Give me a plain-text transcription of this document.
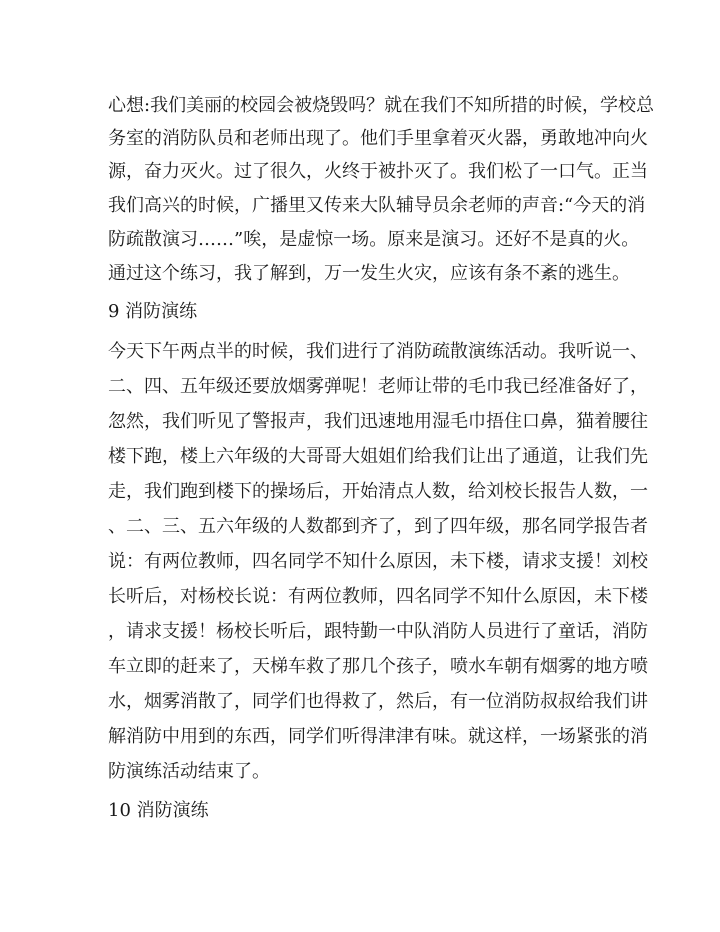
心想:我们美丽的校园会被烧毁吗？就在我们不知所措的时候，学校总
务室的消防队员和老师出现了。他们手里拿着灭火器，勇敢地冲向火
源，奋力灭火。过了很久，火终于被扑灭了。我们松了一口气。正当
我们高兴的时候，广播里又传来大队辅导员余老师的声音:“今天的消
防疏散演习……”唉，是虚惊一场。原来是演习。还好不是真的火。
通过这个练习，我了解到，万一发生火灾，应该有条不紊的逃生。
9 消防演练
今天下午两点半的时候，我们进行了消防疏散演练活动。我听说一、
二、四、五年级还要放烟雾弹呢！老师让带的毛巾我已经准备好了，
忽然，我们听见了警报声，我们迅速地用湿毛巾捂住口鼻，猫着腰往
楼下跑，楼上六年级的大哥哥大姐姐们给我们让出了通道，让我们先
走，我们跑到楼下的操场后，开始清点人数，给刘校长报告人数，一
、二、三、五六年级的人数都到齐了，到了四年级，那名同学报告者
说：有两位教师，四名同学不知什么原因，未下楼，请求支援！刘校
长听后，对杨校长说：有两位教师，四名同学不知什么原因，未下楼
，请求支援！杨校长听后，跟特勤一中队消防人员进行了童话，消防
车立即的赶来了，天梯车救了那几个孩子，喷水车朝有烟雾的地方喷
水，烟雾消散了，同学们也得救了，然后，有一位消防叔叔给我们讲
解消防中用到的东西，同学们听得津津有味。就这样，一场紧张的消
防演练活动结束了。
10 消防演练
